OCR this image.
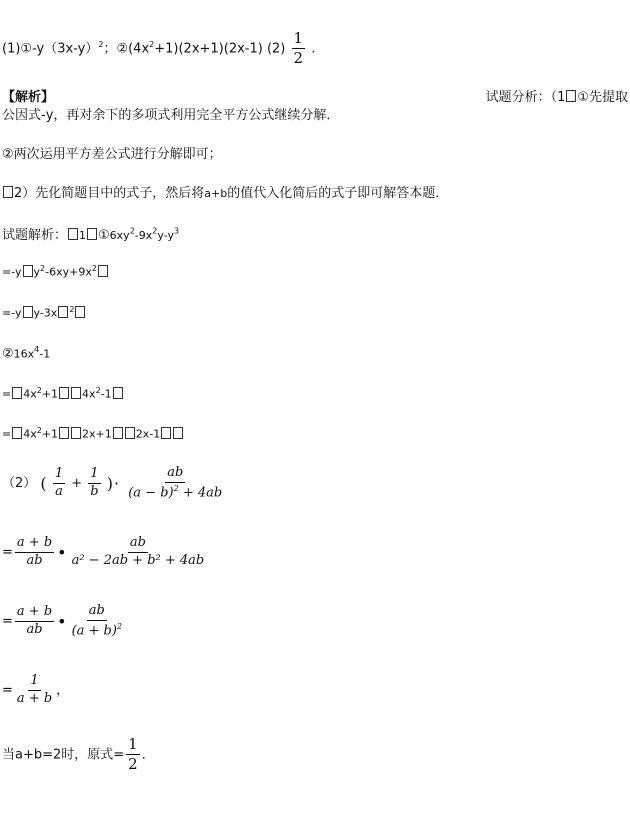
$(1)①-y(3x-y)^2$；$②(4x^2+1)(2x+1)(2x-1)$ $(2) \frac{1}{2}$ .
【解析】	试题分析：（1 ①先提取
公因式-y，再对余下的多项式利用完全平方公式继续分解．
②两次运用平方差公式进行分解即可；
2）先化简题目中的式子，然后将a+b的值代入化简后的式子即可解答本题．
试题解析： 1 $①6xy^2-9x^2y-y^3$
=-y $y^2-6xy+9x^2$
=-y y-3x $^2$
$②16x^4-1$
= $4x^2+1$ $4x^2-1$
= $4x^2+1$ 2x+1 2x-1
（2） ( $\frac{1}{a} + \frac{1}{b}$ )· $\frac{ab}{(a - b)^2 + 4ab}$
= $\frac{a + b}{ab}$ • $\frac{ab}{\text{a² − 2ab + b² + 4ab}}$
= $\frac{a + b}{ab}$ • $\frac{ab}{(a + b)^2}$
= $\frac{1}{a + b}$ ，
当a+b=2时，原式= $\frac{1}{2}$ ．
